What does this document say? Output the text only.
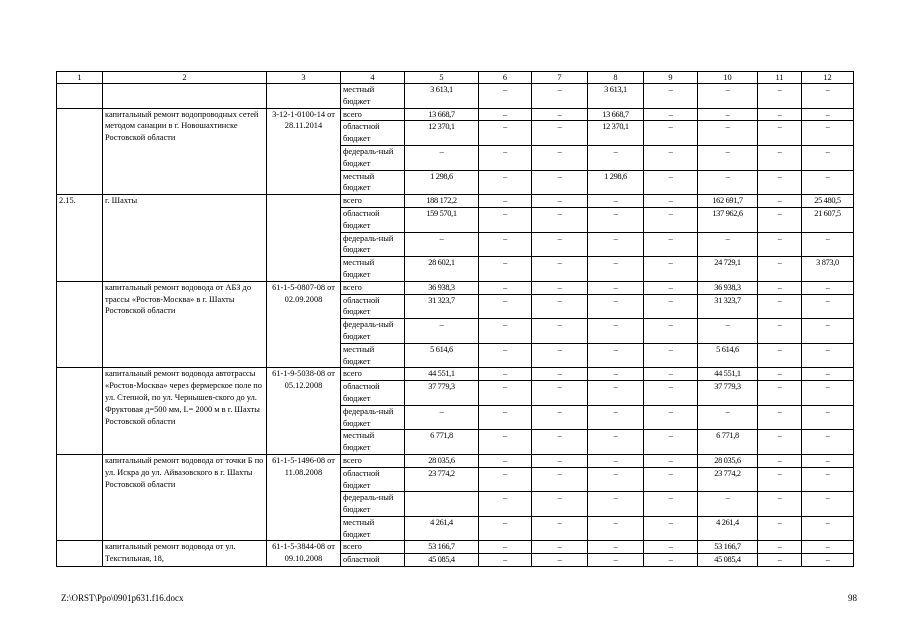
1	2	3	4	5	6	7	8	9	10	11	12
			местный бюджет	3 613,1	–	–	3 613,1	–	–	–	–
	капитальный ремонт водопроводных сетей методом санации в г. Новошахтинске Ростовской области	3-12-1-0100-14 от 28.11.2014	всего	13 668,7	–	–	13 668,7	–	–	–	–
			областной бюджет	12 370,1	–	–	12 370,1	–	–	–	–
			федераль-ный бюджет	–	–	–	–	–	–	–	–
			местный бюджет	1 298,6	–	–	1 298,6	–	–	–	–
2.15.	г. Шахты		всего	188 172,2	–	–	–	–	162 691,7	–	25 480,5
			областной бюджет	159 570,1	–	–	–	–	137 962,6	–	21 607,5
			федераль-ный бюджет	–	–	–	–	–	–	–	–
			местный бюджет	28 602,1	–	–	–	–	24 729,1	–	3 873,0
	капитальный ремонт водовода от АБЗ до трассы «Ростов-Москва» в г. Шахты Ростовской области	61-1-5-0807-08 от 02.09.2008	всего	36 938,3	–	–	–	–	36 938,3	–	–
			областной бюджет	31 323,7	–	–	–	–	31 323,7	–	–
			федераль-ный бюджет	–	–	–	–	–	–	–	–
			местный бюджет	5 614,6	–	–	–	–	5 614,6	–	–
	капитальный ремонт водовода автотрассы «Ростов-Москва» через фермерское поле по ул. Степной, по ул. Чернышев-ского до ул. Фруктовая д=500 мм, L= 2000 м в г. Шахты Ростовской области	61-1-9-5038-08 от 05.12.2008	всего	44 551,1	–	–	–	–	44 551,1	–	–
			областной бюджет	37 779,3	–	–	–	–	37 779,3	–	–
			федераль-ный бюджет	–	–	–	–	–	–	–	–
			местный бюджет	6 771,8	–	–	–	–	6 771,8	–	–
	капитальный ремонт водовода от точки Б по ул. Искра до ул. Айвазовского в г. Шахты Ростовской области	61-1-5-1496-08 от 11.08.2008	всего	28 035,6	–	–	–	–	28 035,6	–	–
			областной бюджет	23 774,2	–	–	–	–	23 774,2	–	–
			федераль-ный бюджет		–	–	–	–	–	–	–
			местный бюджет	4 261,4	–	–	–	–	4 261,4	–	–
	капитальный ремонт водовода от ул. Текстильная, 18,	61-1-5-3844-08 от 09.10.2008	всего	53 166,7	–	–	–	–	53 166,7	–	–
			областной	45 085,4	–	–	–	–	45 085,4	–	–
Z:\ORST\Ppo\0901p631.f16.docx	98
